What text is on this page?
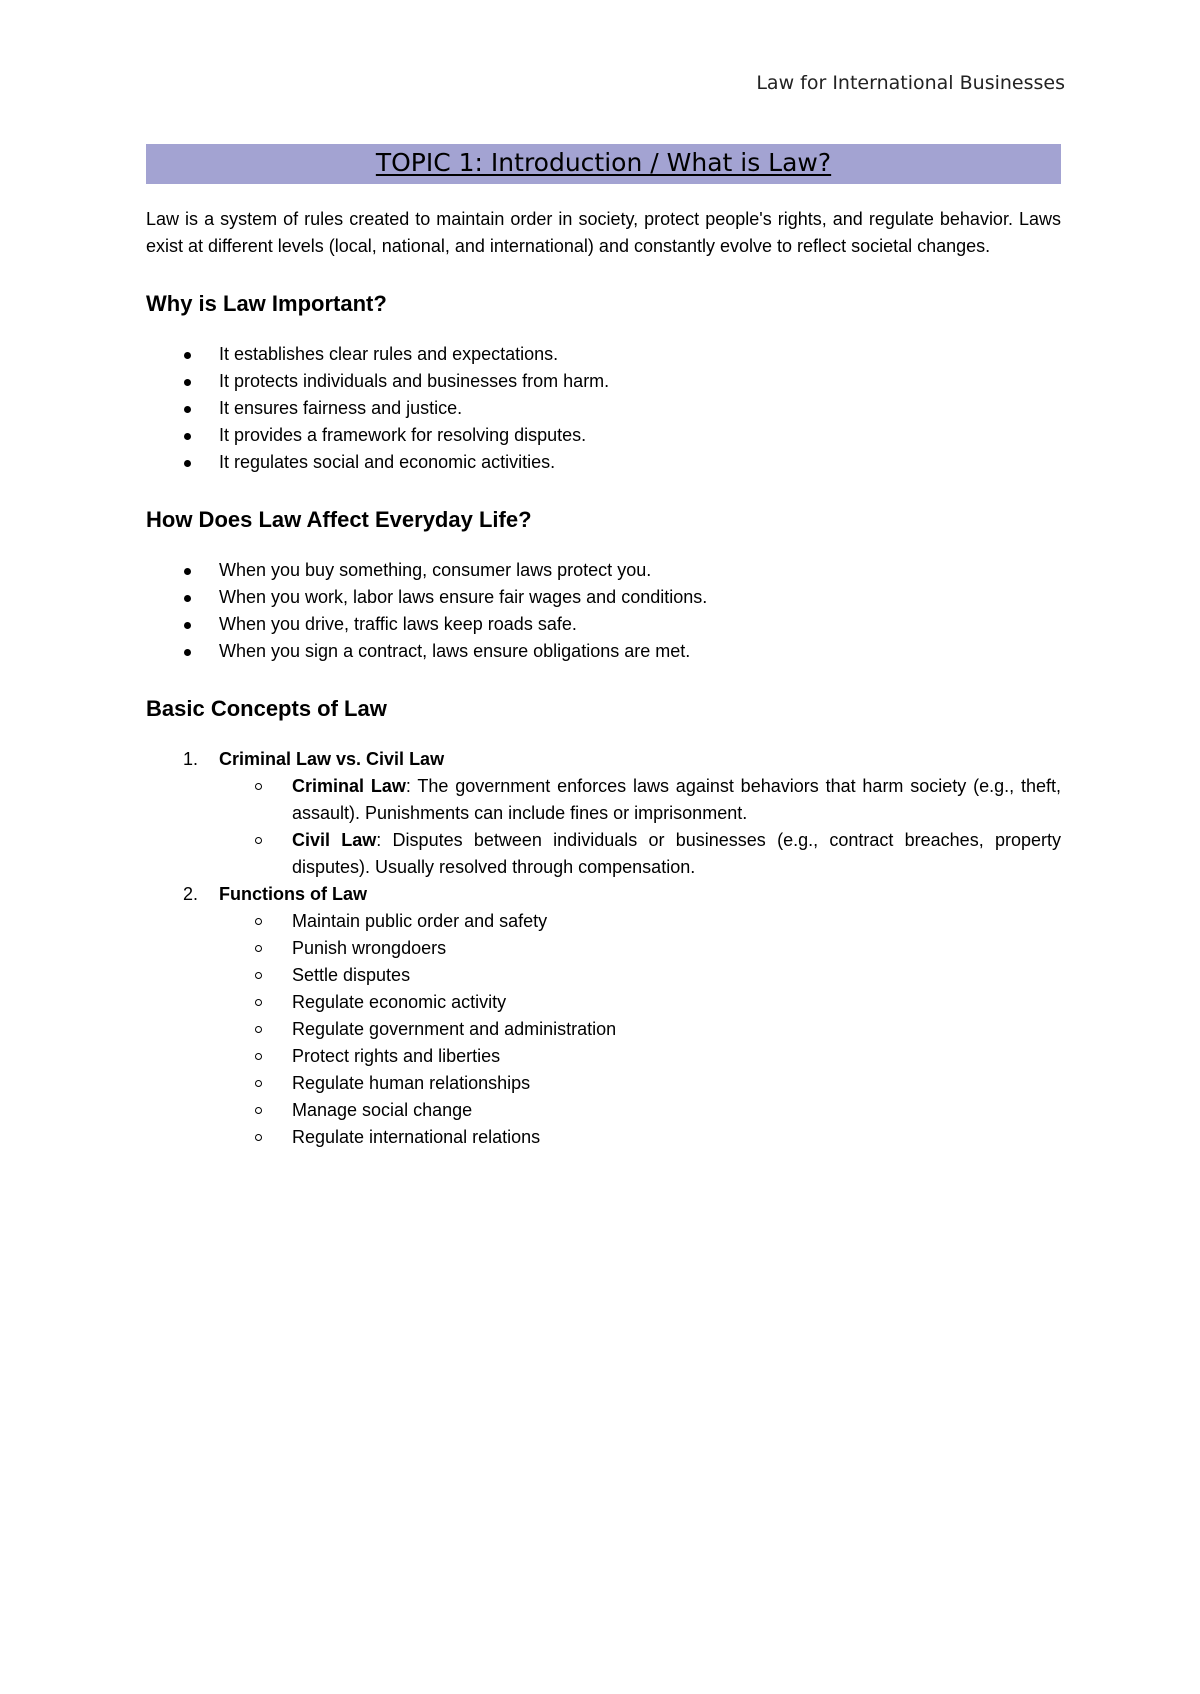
Law for International Businesses
TOPIC 1: Introduction / What is Law?

Law is a system of rules created to maintain order in society, protect people's rights, and regulate behavior. Laws exist at different levels (local, national, and international) and constantly evolve to reflect societal changes.

Why is Law Important?
It establishes clear rules and expectations.
It protects individuals and businesses from harm.
It ensures fairness and justice.
It provides a framework for resolving disputes.
It regulates social and economic activities.
How Does Law Affect Everyday Life?
When you buy something, consumer laws protect you.
When you work, labor laws ensure fair wages and conditions.
When you drive, traffic laws keep roads safe.
When you sign a contract, laws ensure obligations are met.
Basic Concepts of Law
1. Criminal Law vs. Civil Law
Criminal Law: The government enforces laws against behaviors that harm society (e.g., theft, assault). Punishments can include fines or imprisonment.
Civil Law: Disputes between individuals or businesses (e.g., contract breaches, property disputes). Usually resolved through compensation.
2. Functions of Law
Maintain public order and safety
Punish wrongdoers
Settle disputes
Regulate economic activity
Regulate government and administration
Protect rights and liberties
Regulate human relationships
Manage social change
Regulate international relations
